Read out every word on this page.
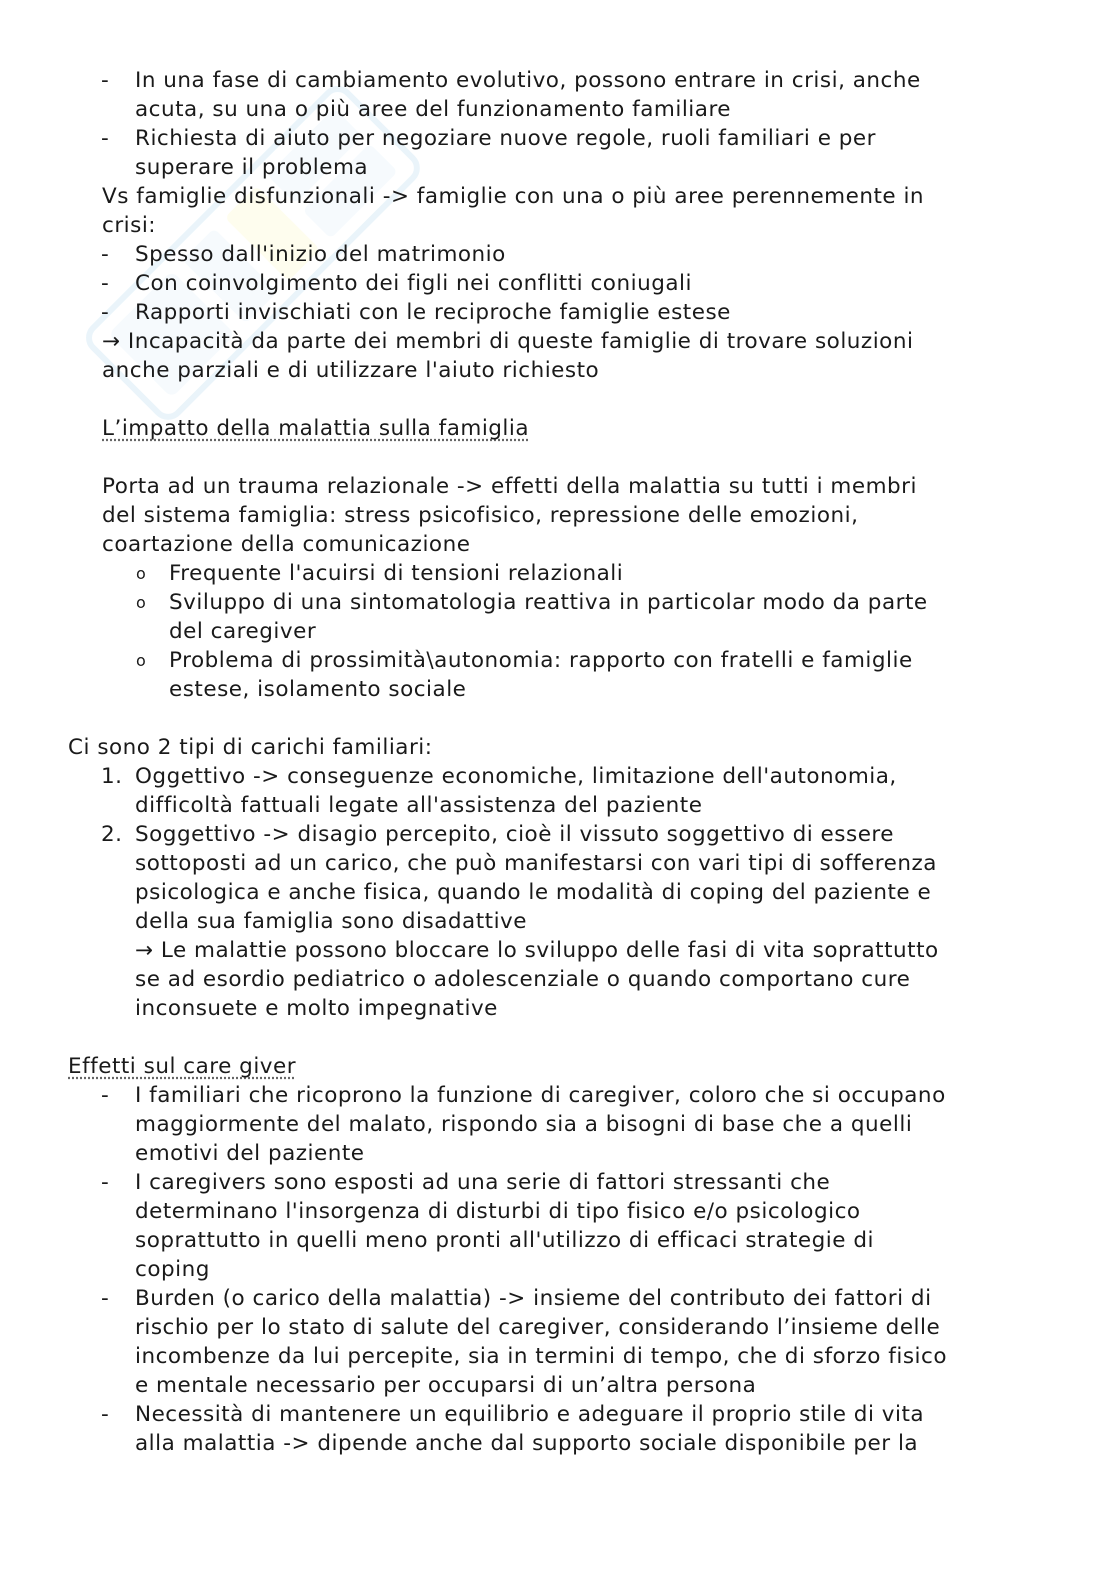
- In una fase di cambiamento evolutivo, possono entrare in crisi, anche
acuta, su una o più aree del funzionamento familiare
- Richiesta di aiuto per negoziare nuove regole, ruoli familiari e per
superare il problema
Vs famiglie disfunzionali -> famiglie con una o più aree perennemente in
crisi:
- Spesso dall'inizio del matrimonio
- Con coinvolgimento dei figli nei conflitti coniugali
- Rapporti invischiati con le reciproche famiglie estese
→ Incapacità da parte dei membri di queste famiglie di trovare soluzioni
anche parziali e di utilizzare l'aiuto richiesto
L’impatto della malattia sulla famiglia
Porta ad un trauma relazionale -> effetti della malattia su tutti i membri
del sistema famiglia: stress psicofisico, repressione delle emozioni,
coartazione della comunicazione
o Frequente l'acuirsi di tensioni relazionali
o Sviluppo di una sintomatologia reattiva in particolar modo da parte
del caregiver
o Problema di prossimità\autonomia: rapporto con fratelli e famiglie
estese, isolamento sociale
Ci sono 2 tipi di carichi familiari:
1. Oggettivo -> conseguenze economiche, limitazione dell'autonomia,
difficoltà fattuali legate all'assistenza del paziente
2. Soggettivo -> disagio percepito, cioè il vissuto soggettivo di essere
sottoposti ad un carico, che può manifestarsi con vari tipi di sofferenza
psicologica e anche fisica, quando le modalità di coping del paziente e
della sua famiglia sono disadattive
→ Le malattie possono bloccare lo sviluppo delle fasi di vita soprattutto
se ad esordio pediatrico o adolescenziale o quando comportano cure
inconsuete e molto impegnative
Effetti sul care giver
- I familiari che ricoprono la funzione di caregiver, coloro che si occupano
maggiormente del malato, rispondo sia a bisogni di base che a quelli
emotivi del paziente
- I caregivers sono esposti ad una serie di fattori stressanti che
determinano l'insorgenza di disturbi di tipo fisico e/o psicologico
soprattutto in quelli meno pronti all'utilizzo di efficaci strategie di
coping
- Burden (o carico della malattia) -> insieme del contributo dei fattori di
rischio per lo stato di salute del caregiver, considerando l’insieme delle
incombenze da lui percepite, sia in termini di tempo, che di sforzo fisico
e mentale necessario per occuparsi di un’altra persona
- Necessità di mantenere un equilibrio e adeguare il proprio stile di vita
alla malattia -> dipende anche dal supporto sociale disponibile per la
